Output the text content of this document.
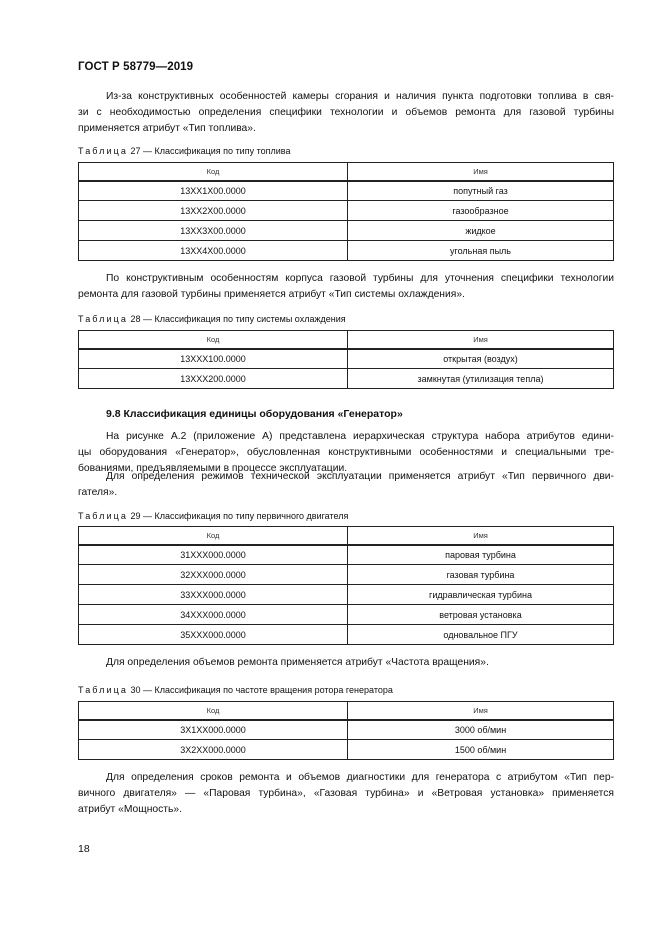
ГОСТ Р 58779—2019
Из-за конструктивных особенностей камеры сгорания и наличия пункта подготовки топлива в свя-
зи с необходимостью определения специфики технологии и объемов ремонта для газовой турбины
применяется атрибут «Тип топлива».
Таблица 27 — Классификация по типу топлива
Код	Имя
13XX1X00.0000	попутный газ
13XX2X00.0000	газообразное
13XX3X00.0000	жидкое
13XX4X00.0000	угольная пыль
По конструктивным особенностям корпуса газовой турбины для уточнения специфики технологии
ремонта для газовой турбины применяется атрибут «Тип системы охлаждения».
Таблица 28 — Классификация по типу системы охлаждения
Код	Имя
13XXX100.0000	открытая (воздух)
13XXX200.0000	замкнутая (утилизация тепла)
9.8 Классификация единицы оборудования «Генератор»
На рисунке А.2 (приложение А) представлена иерархическая структура набора атрибутов едини-
цы оборудования «Генератор», обусловленная конструктивными особенностями и специальными тре-
бованиями, предъявляемыми в процессе эксплуатации.
Для определения режимов технической эксплуатации применяется атрибут «Тип первичного дви-
гателя».
Таблица 29 — Классификация по типу первичного двигателя
Код	Имя
31XXX000.0000	паровая турбина
32XXX000.0000	газовая турбина
33XXX000.0000	гидравлическая турбина
34XXX000.0000	ветровая установка
35XXX000.0000	одновальное ПГУ
Для определения объемов ремонта применяется атрибут «Частота вращения».
Таблица 30 — Классификация по частоте вращения ротора генератора
Код	Имя
3X1XX000.0000	3000 об/мин
3X2XX000.0000	1500 об/мин
Для определения сроков ремонта и объемов диагностики для генератора с атрибутом «Тип пер-
вичного двигателя» — «Паровая турбина», «Газовая турбина» и «Ветровая установка» применяется
атрибут «Мощность».
18
